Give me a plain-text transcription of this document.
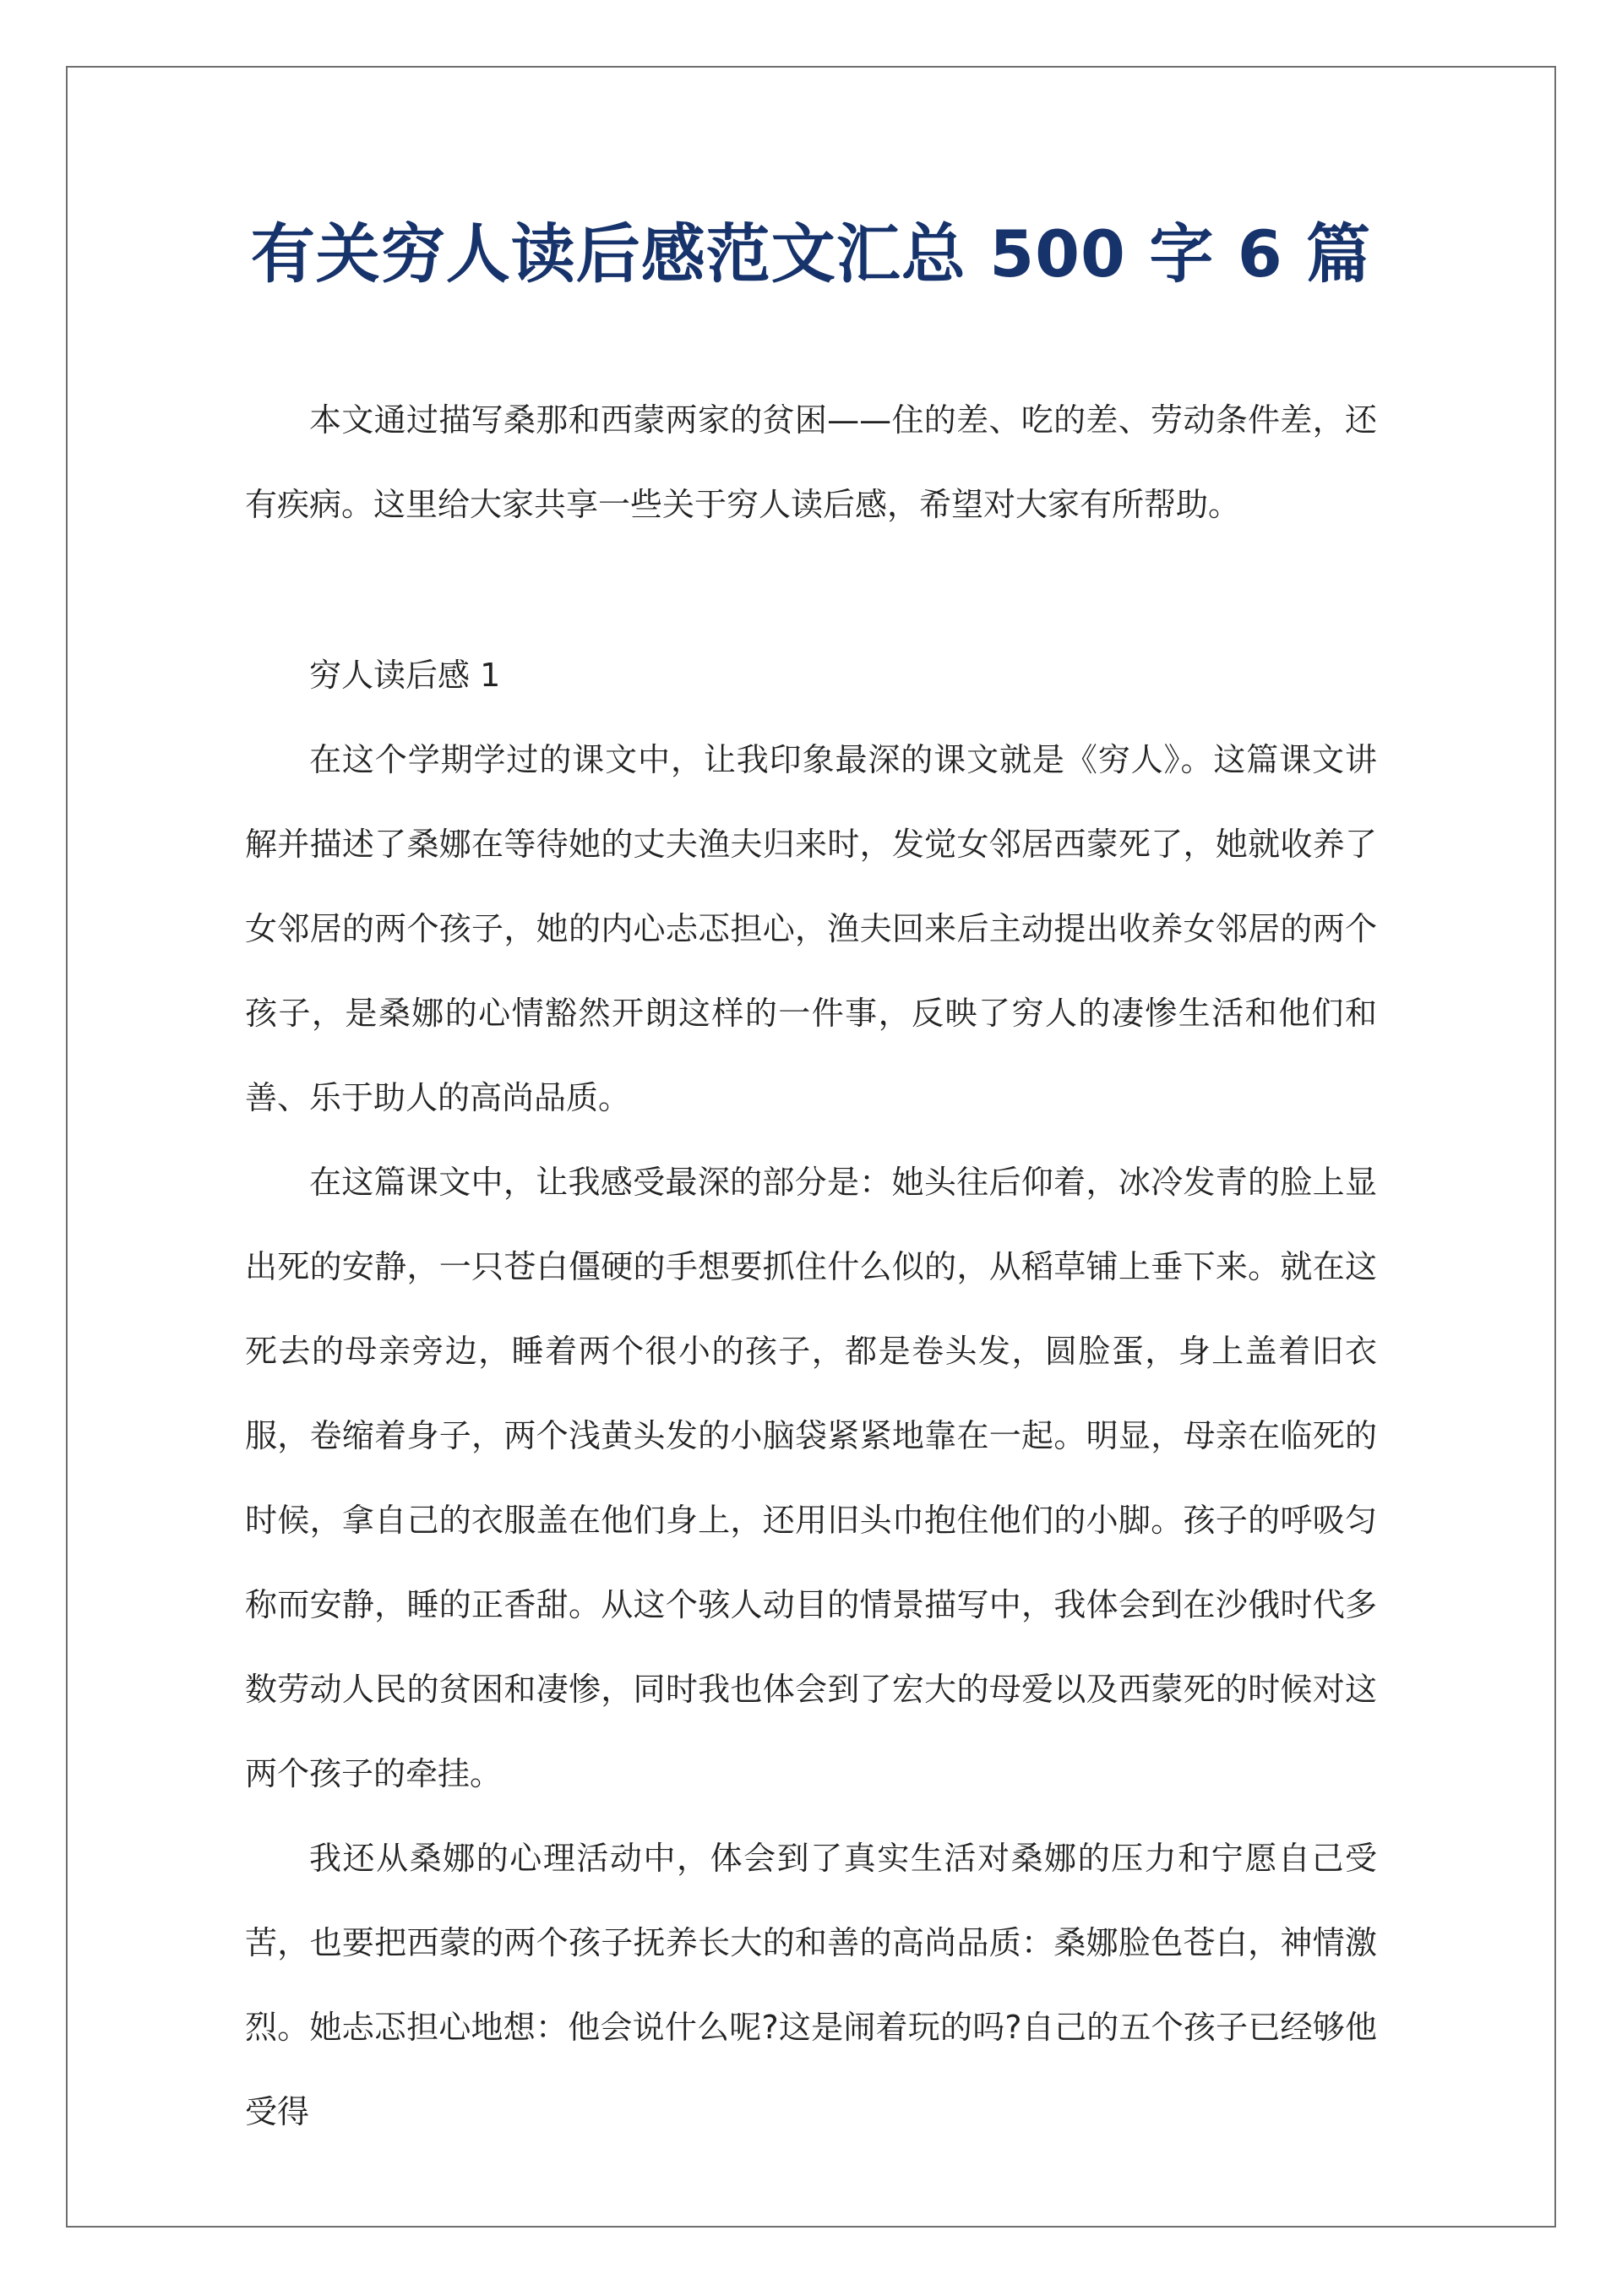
有关穷人读后感范文汇总 500 字 6 篇

本文通过描写桑那和西蒙两家的贫困——住的差、吃的差、劳动条件差，还有疾病。这里给大家共享一些关于穷人读后感，希望对大家有所帮助。

穷人读后感 1

在这个学期学过的课文中，让我印象最深的课文就是《穷人》。这篇课文讲解并描述了桑娜在等待她的丈夫渔夫归来时，发觉女邻居西蒙死了，她就收养了女邻居的两个孩子，她的内心忐忑担心，渔夫回来后主动提出收养女邻居的两个孩子，是桑娜的心情豁然开朗这样的一件事，反映了穷人的凄惨生活和他们和善、乐于助人的高尚品质。

在这篇课文中，让我感受最深的部分是：她头往后仰着，冰冷发青的脸上显出死的安静，一只苍白僵硬的手想要抓住什么似的，从稻草铺上垂下来。就在这死去的母亲旁边，睡着两个很小的孩子，都是卷头发，圆脸蛋，身上盖着旧衣服，卷缩着身子，两个浅黄头发的小脑袋紧紧地靠在一起。明显，母亲在临死的时候，拿自己的衣服盖在他们身上，还用旧头巾抱住他们的小脚。孩子的呼吸匀称而安静，睡的正香甜。从这个骇人动目的情景描写中，我体会到在沙俄时代多数劳动人民的贫困和凄惨，同时我也体会到了宏大的母爱以及西蒙死的时候对这两个孩子的牵挂。

我还从桑娜的心理活动中，体会到了真实生活对桑娜的压力和宁愿自己受苦，也要把西蒙的两个孩子抚养长大的和善的高尚品质：桑娜脸色苍白，神情激烈。她忐忑担心地想：他会说什么呢?这是闹着玩的吗?自己的五个孩子已经够他受得
